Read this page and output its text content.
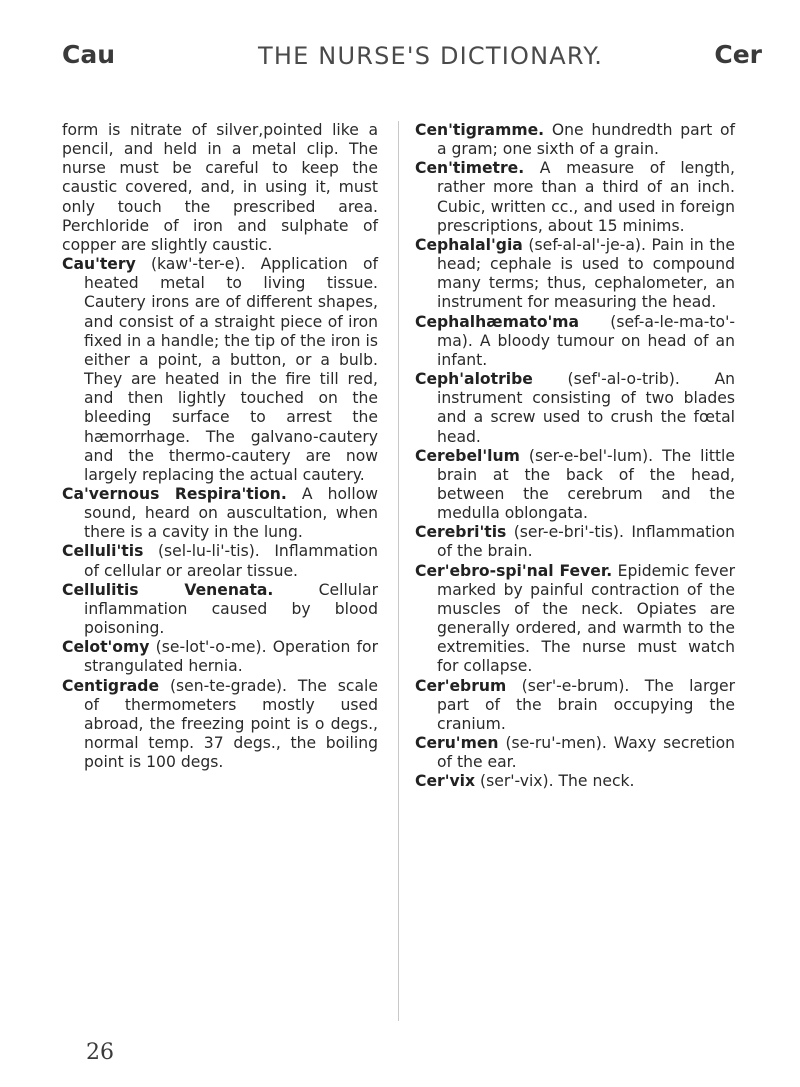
Cau	THE NURSE'S DICTIONARY.	Cer

form is nitrate of silver,pointed like a pencil, and held in a metal clip. The nurse must be careful to keep the caustic covered, and, in using it, must only touch the prescribed area. Perchloride of iron and sulphate of copper are slightly caustic.

Cau'tery (kaw'-ter-e). Application of heated metal to living tissue. Cautery irons are of different shapes, and consist of a straight piece of iron fixed in a handle; the tip of the iron is either a point, a button, or a bulb. They are heated in the fire till red, and then lightly touched on the bleeding surface to arrest the hæmorrhage. The galvano-cautery and the thermo-cautery are now largely replacing the actual cautery.

Ca'vernous Respira'tion. A hollow sound, heard on auscultation, when there is a cavity in the lung.

Celluli'tis (sel-lu-li'-tis). Inflammation of cellular or areolar tissue.

Cellulitis Venenata. Cellular inflammation caused by blood poisoning.

Celot'omy (se-lot'-o-me). Operation for strangulated hernia.

Centigrade (sen-te-grade). The scale of thermometers mostly used abroad, the freezing point is o degs., normal temp. 37 degs., the boiling point is 100 degs.

Cen'tigramme. One hundredth part of a gram; one sixth of a grain.

Cen'timetre. A measure of length, rather more than a third of an inch. Cubic, written cc., and used in foreign prescriptions, about 15 minims.

Cephalal'gia (sef-al-al'-je-a). Pain in the head; cephale is used to compound many terms; thus, cephalometer, an instrument for measuring the head.

Cephalhæmato'ma (sef-a-le-ma-to'-ma). A bloody tumour on head of an infant.

Ceph'alotribe (sef'-al-o-trib). An instrument consisting of two blades and a screw used to crush the fœtal head.

Cerebel'lum (ser-e-bel'-lum). The little brain at the back of the head, between the cerebrum and the medulla oblongata.

Cerebri'tis (ser-e-bri'-tis). Inflammation of the brain.

Cer'ebro-spi'nal Fever. Epidemic fever marked by painful contraction of the muscles of the neck. Opiates are generally ordered, and warmth to the extremities. The nurse must watch for collapse.

Cer'ebrum (ser'-e-brum). The larger part of the brain occupying the cranium.

Ceru'men (se-ru'-men). Waxy secretion of the ear.

Cer'vix (ser'-vix). The neck.

26
